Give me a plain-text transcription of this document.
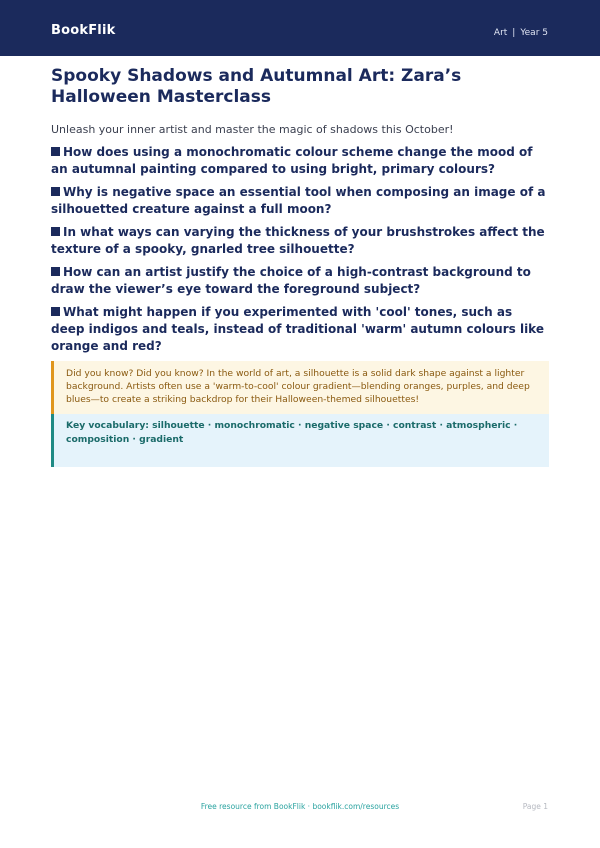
BookFlik	Art | Year 5
Spooky Shadows and Autumnal Art: Zara’s Halloween Masterclass

Unleash your inner artist and master the magic of shadows this October!

How does using a monochromatic colour scheme change the mood of an autumnal painting compared to using bright, primary colours?
Why is negative space an essential tool when composing an image of a silhouetted creature against a full moon?
In what ways can varying the thickness of your brushstrokes affect the texture of a spooky, gnarled tree silhouette?
How can an artist justify the choice of a high-contrast background to draw the viewer’s eye toward the foreground subject?
What might happen if you experimented with 'cool' tones, such as deep indigos and teals, instead of traditional 'warm' autumn colours like orange and red?
Did you know? Did you know? In the world of art, a silhouette is a solid dark shape against a lighter background. Artists often use a 'warm-to-cool' colour gradient—blending oranges, purples, and deep blues—to create a striking backdrop for their Halloween-themed silhouettes!
Key vocabulary: silhouette · monochromatic · negative space · contrast · atmospheric · composition · gradient
Free resource from BookFlik · bookflik.com/resources	Page 1
